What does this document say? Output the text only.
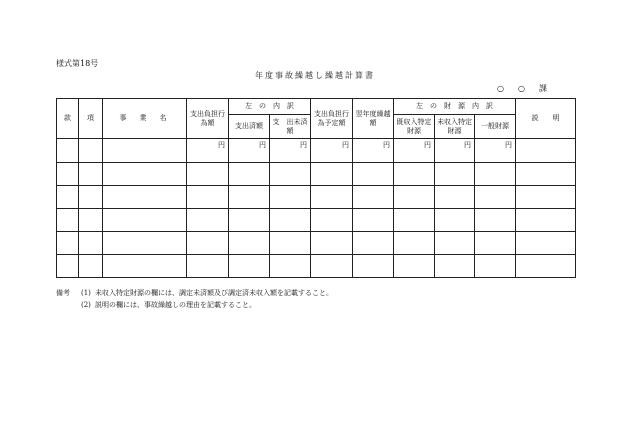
様式第18号
年度事故繰越し繰越計算書
○　○　課
款	項	事　業　名	支出負担行為額	左　の　内　訳		支出負担行為予定額	翌年度繰越額	左　の　財　源　内　訳			説　　明
				支出済額	支　出未済額			既収入特定財源	未収入特定財源	一般財源	
			円	円	円	円	円	円	円	円	

備考 (1) 未収入特定財源の欄には、調定未済額及び調定済未収入額を記載すること。
(2) 説明の欄には、事故繰越しの理由を記載すること。
